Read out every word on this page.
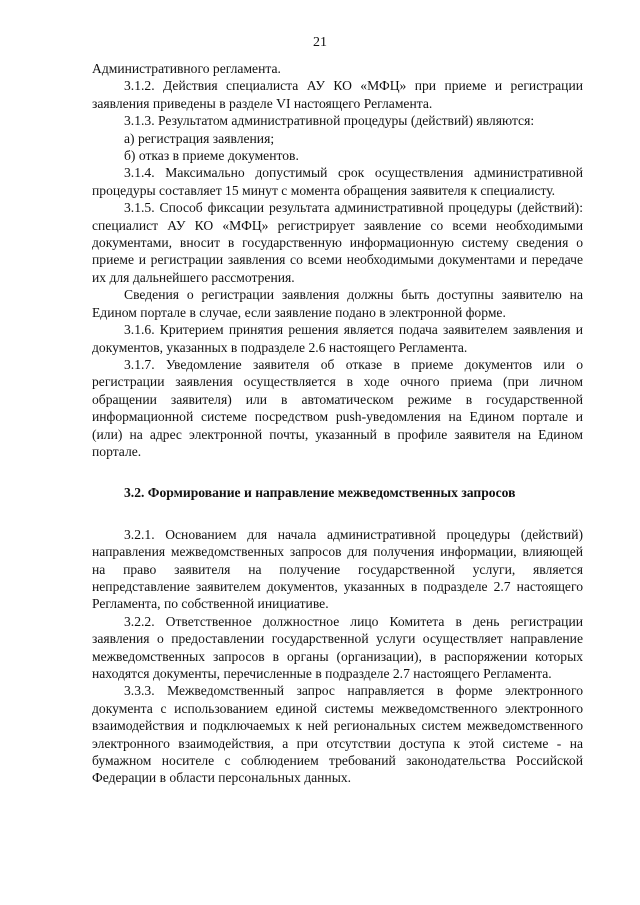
21

Административного регламента.

3.1.2. Действия специалиста АУ КО «МФЦ» при приеме и регистрации заявления приведены в разделе VI настоящего Регламента.

3.1.3. Результатом административной процедуры (действий) являются:

а) регистрация заявления;

б) отказ в приеме документов.

3.1.4. Максимально допустимый срок осуществления административной процедуры составляет 15 минут с момента обращения заявителя к специалисту.

3.1.5. Способ фиксации результата административной процедуры (действий): специалист АУ КО «МФЦ» регистрирует заявление со всеми необходимыми документами, вносит в государственную информационную систему сведения о приеме и регистрации заявления со всеми необходимыми документами и передаче их для дальнейшего рассмотрения.

Сведения о регистрации заявления должны быть доступны заявителю на Едином портале в случае, если заявление подано в электронной форме.

3.1.6. Критерием принятия решения является подача заявителем заявления и документов, указанных в подразделе 2.6 настоящего Регламента.

3.1.7. Уведомление заявителя об отказе в приеме документов или о регистрации заявления осуществляется в ходе очного приема (при личном обращении заявителя) или в автоматическом режиме в государственной информационной системе посредством push-уведомления на Едином портале и (или) на адрес электронной почты, указанный в профиле заявителя на Едином портале.

3.2. Формирование и направление межведомственных запросов

3.2.1. Основанием для начала административной процедуры (действий) направления межведомственных запросов для получения информации, влияющей на право заявителя на получение государственной услуги, является непредставление заявителем документов, указанных в подразделе 2.7 настоящего Регламента, по собственной инициативе.

3.2.2. Ответственное должностное лицо Комитета в день регистрации заявления о предоставлении государственной услуги осуществляет направление межведомственных запросов в органы (организации), в распоряжении которых находятся документы, перечисленные в подразделе 2.7 настоящего Регламента.

3.3.3. Межведомственный запрос направляется в форме электронного документа с использованием единой системы межведомственного электронного взаимодействия и подключаемых к ней региональных систем межведомственного электронного взаимодействия, а при отсутствии доступа к этой системе - на бумажном носителе с соблюдением требований законодательства Российской Федерации в области персональных данных.
